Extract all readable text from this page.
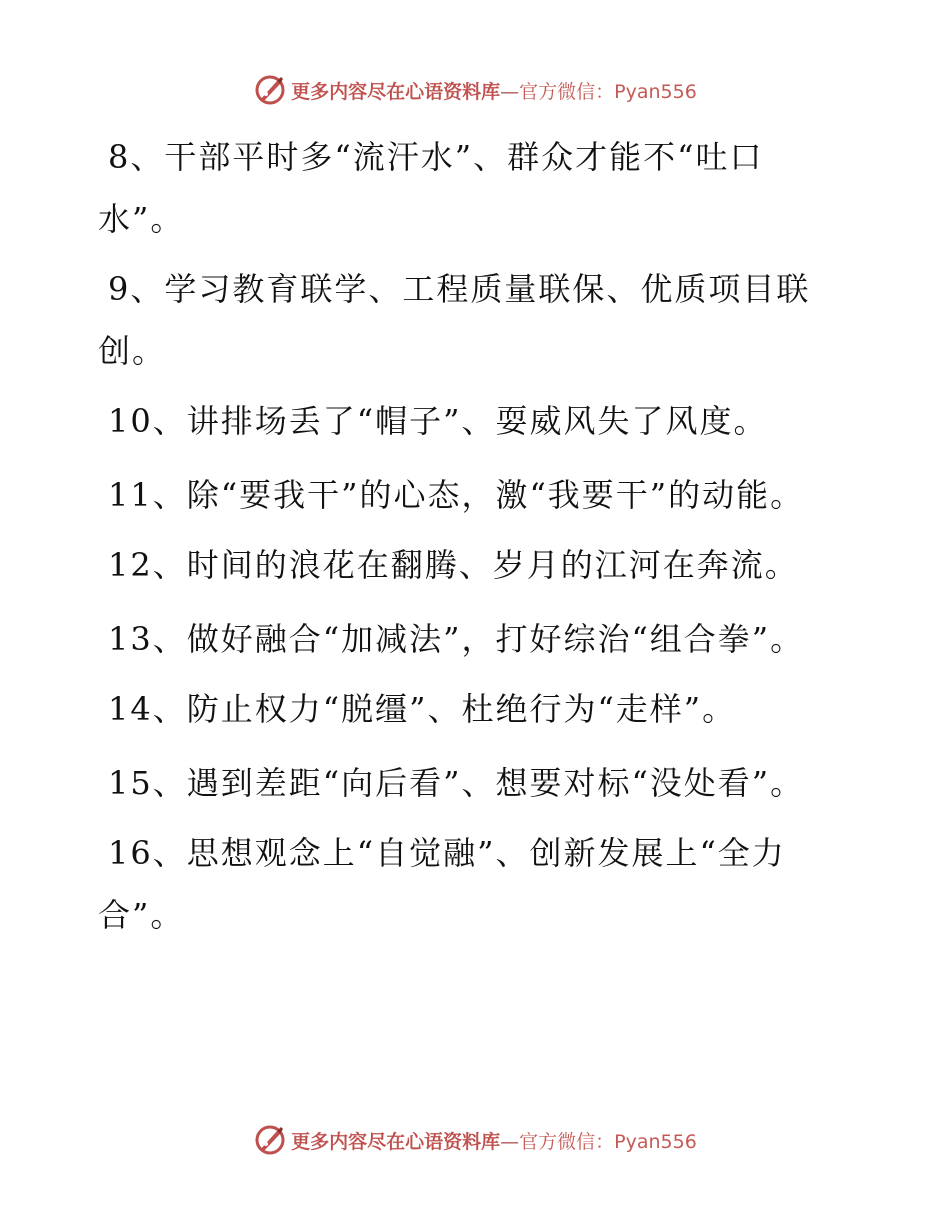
更多内容尽在心语资料库—官方微信：Pyan556

8、干部平时多“流汗水”、群众才能不“吐口水”。

9、学习教育联学、工程质量联保、优质项目联创。

10、讲排场丢了“帽子”、耍威风失了风度。

11、除“要我干”的心态，激“我要干”的动能。

12、时间的浪花在翻腾、岁月的江河在奔流。

13、做好融合“加减法”，打好综治“组合拳”。

14、防止权力“脱缰”、杜绝行为“走样”。

15、遇到差距“向后看”、想要对标“没处看”。

16、思想观念上“自觉融”、创新发展上“全力合”。

更多内容尽在心语资料库—官方微信：Pyan556
